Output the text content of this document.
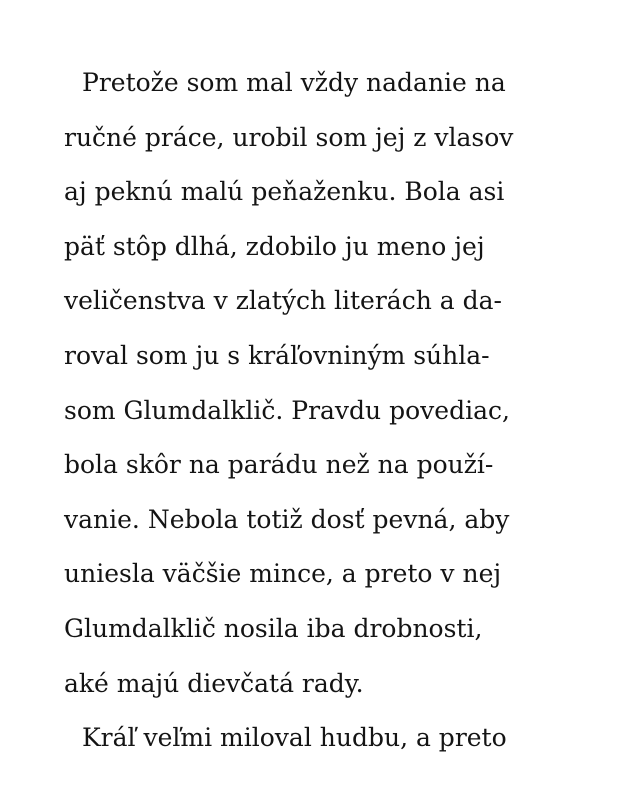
Pretože som mal vždy nadanie na
ručné práce, urobil som jej z vlasov
aj peknú malú peňaženku. Bola asi
päť stôp dlhá, zdobilo ju meno jej
veličenstva v zlatých literách a da-
roval som ju s kráľovniným súhla-
som Glumdalklič. Pravdu povediac,
bola skôr na parádu než na použí-
vanie. Nebola totiž dosť pevná, aby
uniesla väčšie mince, a preto v nej
Glumdalklič nosila iba drobnosti,
aké majú dievčatá rady.
Kráľ veľmi miloval hudbu, a preto
